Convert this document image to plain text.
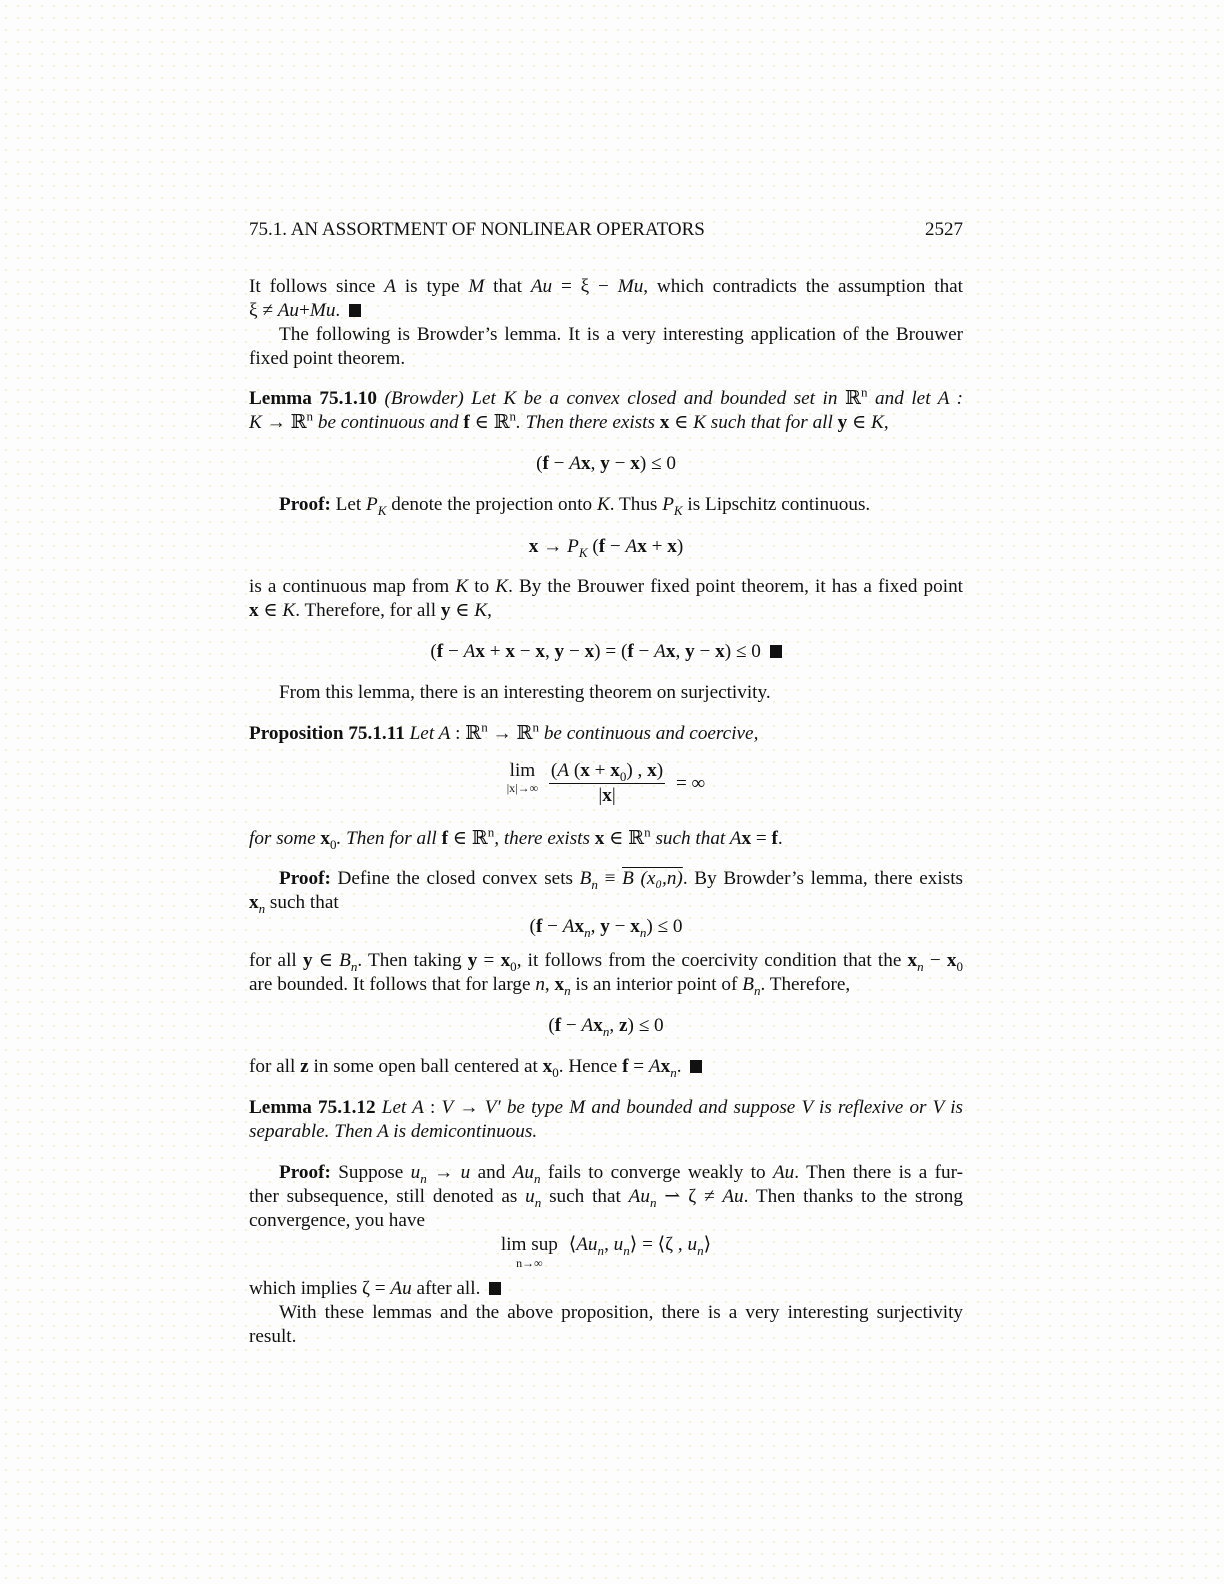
75.1. AN ASSORTMENT OF NONLINEAR OPERATORS	2527
It follows since A is type M that Au = ξ − Mu, which contradicts the assumption that
ξ ≠ Au+Mu.
The following is Browder’s lemma. It is a very interesting application of the Brouwer
fixed point theorem.
Lemma 75.1.10 (Browder) Let K be a convex closed and bounded set in ℝ$^n$ and let A :
K → ℝ$^n$ be continuous and f ∈ ℝ$^n$. Then there exists x ∈ K such that for all y ∈ K,
(f − Ax, y − x) ≤ 0
Proof: Let $P_K$ denote the projection onto K. Thus $P_K$ is Lipschitz continuous.
$x \to P_K$ (f − Ax + x)
is a continuous map from K to K. By the Brouwer fixed point theorem, it has a fixed point
x ∈ K. Therefore, for all y ∈ K,
(f − Ax + x − x, y − x) = (f − Ax, y − x) ≤ 0
From this lemma, there is an interesting theorem on surjectivity.
Proposition 75.1.11 Let A : ℝ$^n$ → ℝ$^n$ be continuous and coercive,
lim
|x|→∞
$\frac{(A (x + x_0) , x)}{|x|}$ = ∞
for some $x_0$. Then for all f ∈ ℝ$^n$, there exists x ∈ ℝ$^n$ such that Ax = f.
Proof: Define the closed convex sets $B_n \equiv B$ (x₀,n). By Browder’s lemma, there exists
$x_n$ such that
($f - Ax_n$, $y - x_n) \le 0$
for all y ∈ $B_n$. Then taking $y = x_0$, it follows from the coercivity condition that the $x_n - x_0$
are bounded. It follows that for large n, $x_n$ is an interior point of $B_n$. Therefore,
($f - Ax_n$, z) ≤ 0
for all z in some open ball centered at $x_0$. Hence $f = Ax_n$.
Lemma 75.1.12 Let A : V → V′ be type M and bounded and suppose V is reflexive or V is
separable. Then A is demicontinuous.
Proof: Suppose $u_n \to u$ and $Au_n$ fails to converge weakly to Au. Then there is a fur-
ther subsequence, still denoted as $u_n$ such that $Au_n$ ⇀ ζ ≠ Au. Then thanks to the strong
convergence, you have
lim sup
n→∞
$⟨Au_n$, $u_n⟩$ = ⟨ζ , $u_n⟩$
which implies ζ = Au after all.
With these lemmas and the above proposition, there is a very interesting surjectivity
result.
